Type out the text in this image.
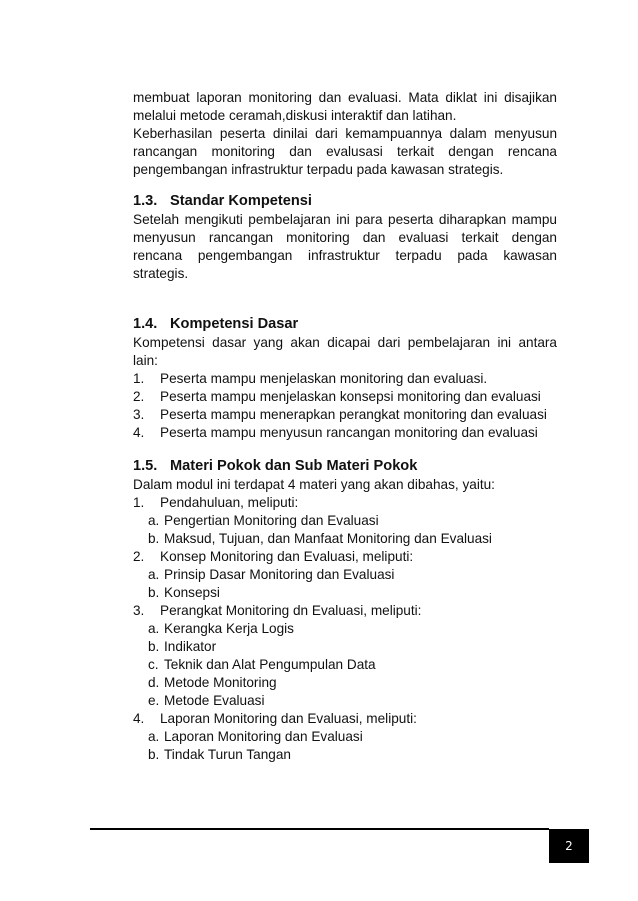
membuat laporan monitoring dan evaluasi. Mata diklat ini disajikan

melalui metode ceramah,diskusi interaktif dan latihan.

Keberhasilan peserta dinilai dari kemampuannya dalam menyusun

rancangan monitoring dan evalusasi terkait dengan rencana

pengembangan infrastruktur terpadu pada kawasan strategis.

1.3. Standar Kompetensi

Setelah mengikuti pembelajaran ini para peserta diharapkan mampu

menyusun rancangan monitoring dan evaluasi terkait dengan

rencana pengembangan infrastruktur terpadu pada kawasan

strategis.

1.4. Kompetensi Dasar

Kompetensi dasar yang akan dicapai dari pembelajaran ini antara

lain:

1.	Peserta mampu menjelaskan monitoring dan evaluasi.
2.	Peserta mampu menjelaskan konsepsi monitoring dan evaluasi
3.	Peserta mampu menerapkan perangkat monitoring dan evaluasi
4.	Peserta mampu menyusun rancangan monitoring dan evaluasi
1.5. Materi Pokok dan Sub Materi Pokok

Dalam modul ini terdapat 4 materi yang akan dibahas, yaitu:

1.	Pendahuluan, meliputi:
a. Pengertian Monitoring dan Evaluasi
b. Maksud, Tujuan, dan Manfaat Monitoring dan Evaluasi
2.	Konsep Monitoring dan Evaluasi, meliputi:
a. Prinsip Dasar Monitoring dan Evaluasi
b. Konsepsi
3.	Perangkat Monitoring dn Evaluasi, meliputi:
a. Kerangka Kerja Logis
b. Indikator
c. Teknik dan Alat Pengumpulan Data
d. Metode Monitoring
e. Metode Evaluasi
4.	Laporan Monitoring dan Evaluasi, meliputi:
a. Laporan Monitoring dan Evaluasi
b. Tindak Turun Tangan
2
